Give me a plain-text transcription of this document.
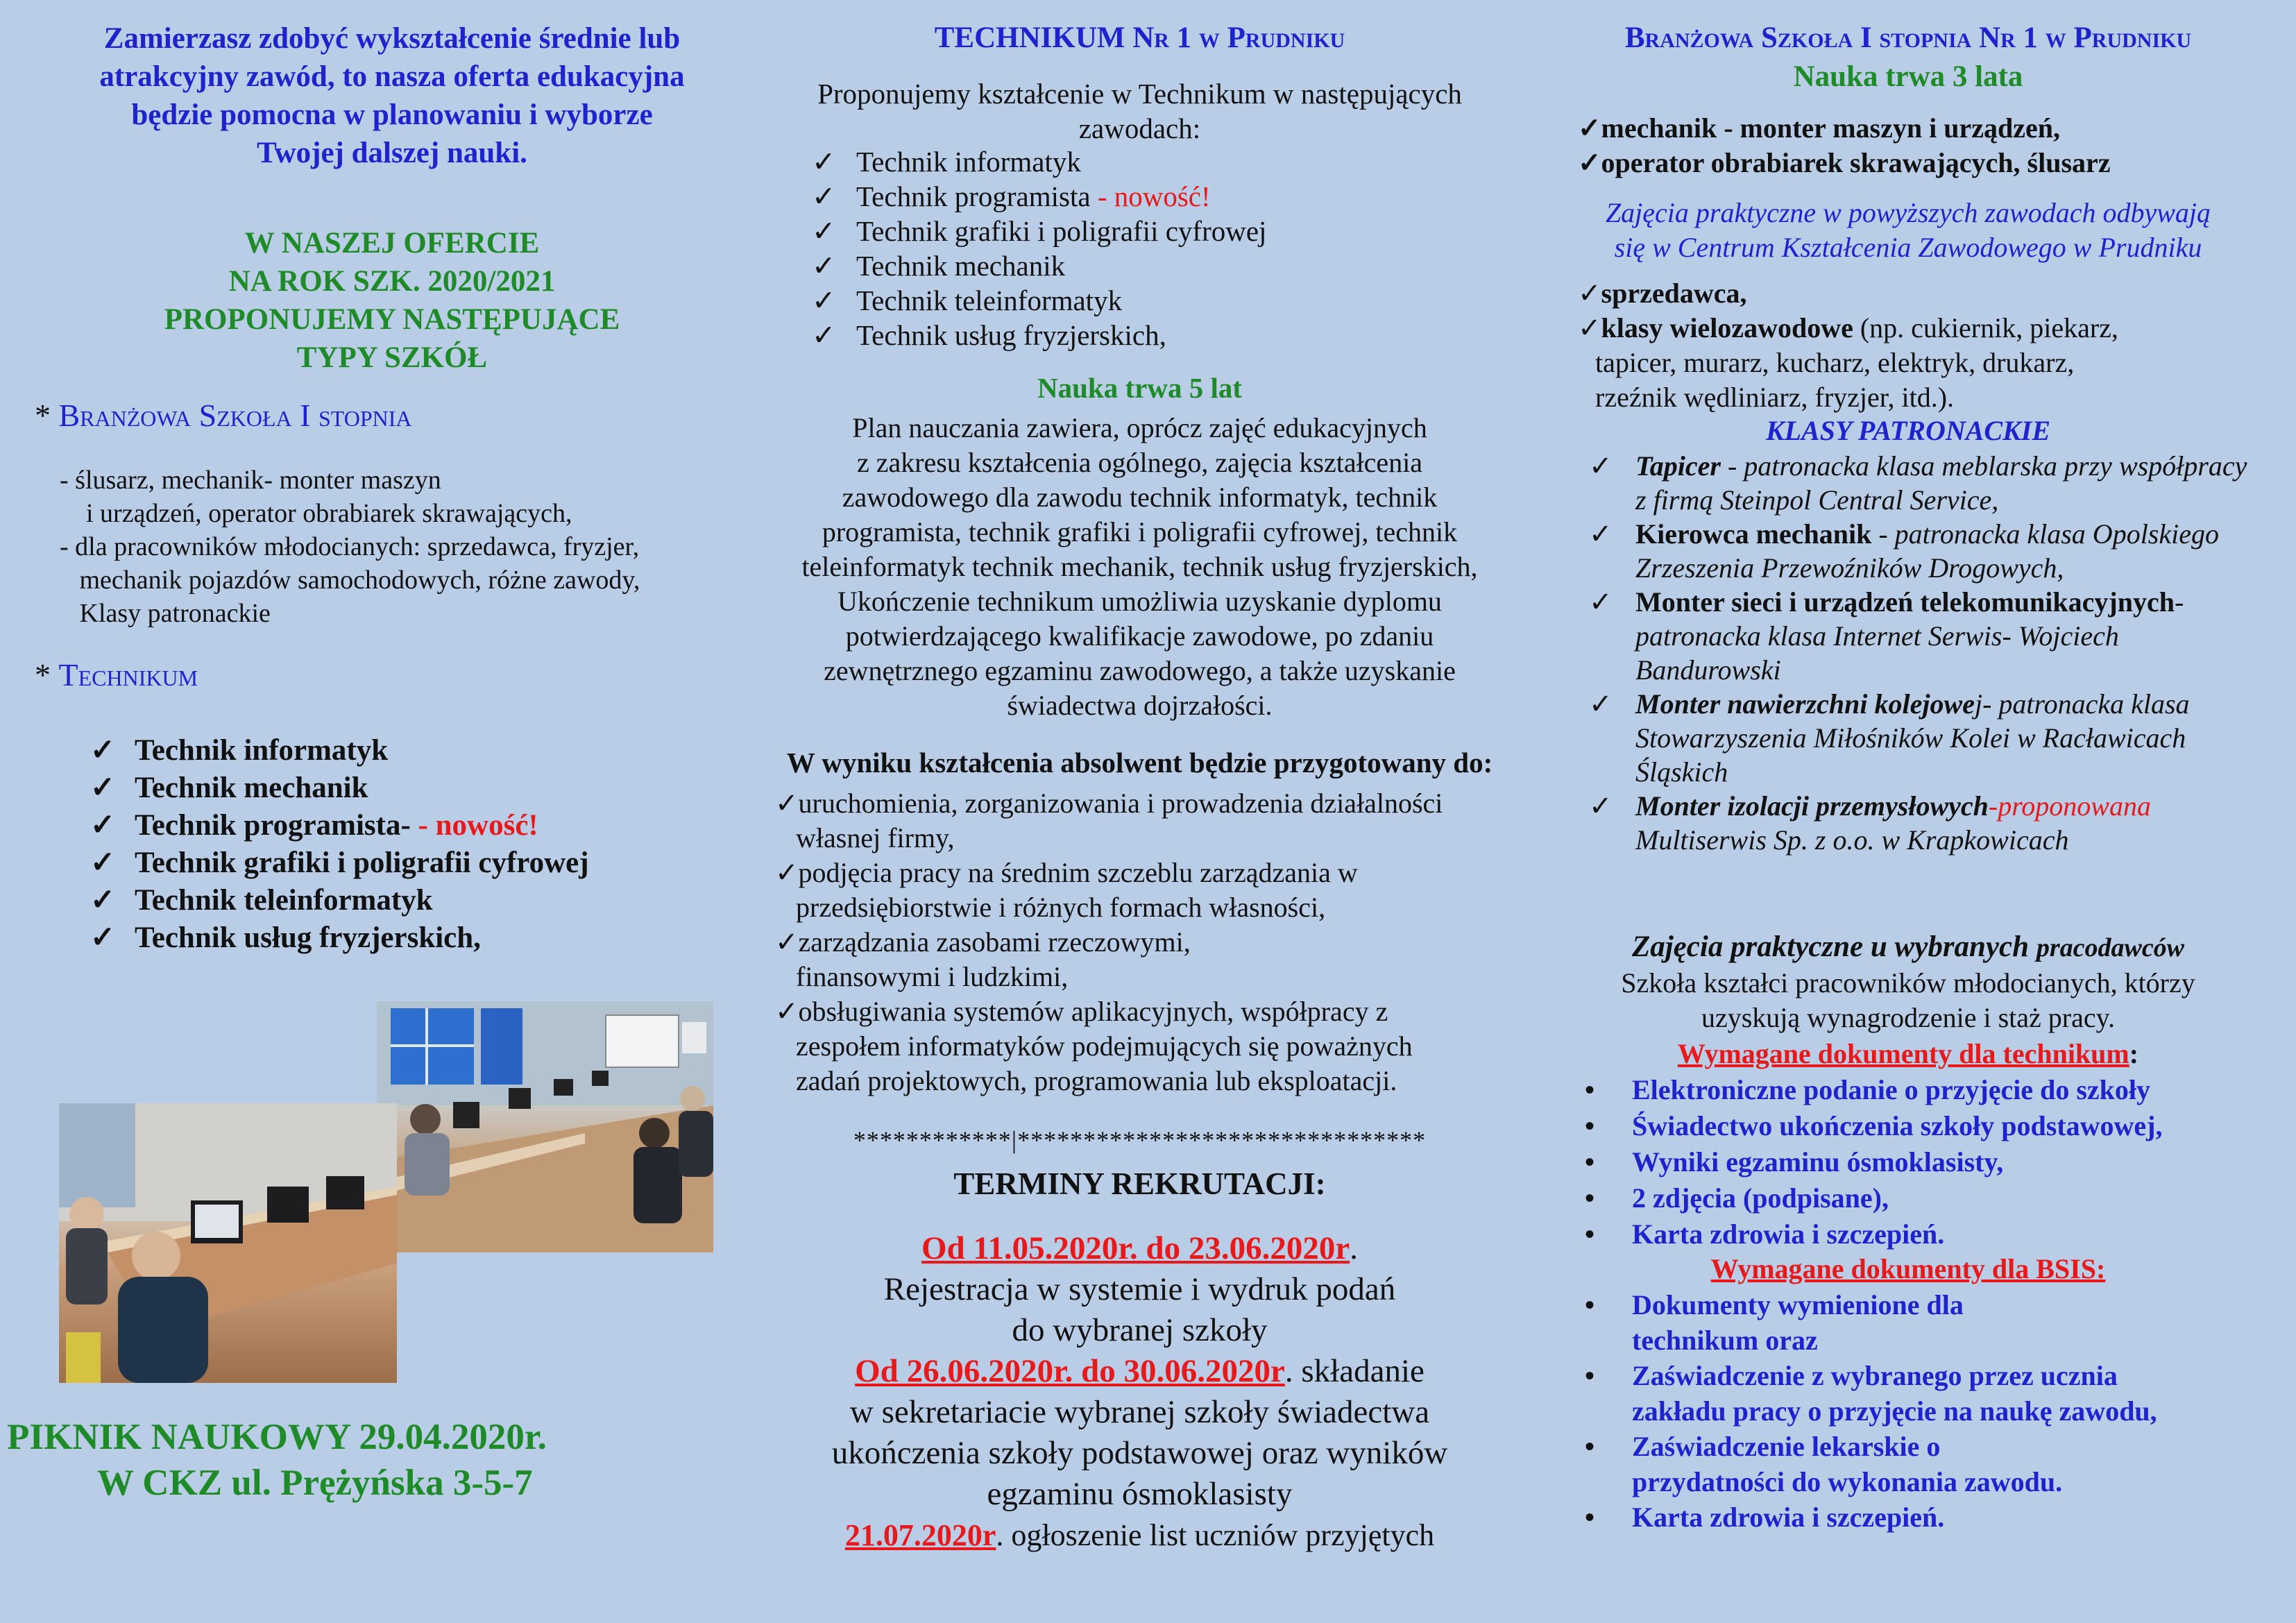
Zamierzasz zdobyć wykształcenie średnie lub
atrakcyjny zawód, to nasza oferta edukacyjna
będzie pomocna w planowaniu i wyborze
Twojej dalszej nauki.
W NASZEJ OFERCIE
NA ROK SZK. 2020/2021
PROPONUJEMY NASTĘPUJĄCE
TYPY SZKÓŁ
* Branżowa Szkoła I stopnia
- ślusarz, mechanik- monter maszyn
i urządzeń, operator obrabiarek skrawających,
- dla pracowników młodocianych: sprzedawca, fryzjer,
mechanik pojazdów samochodowych, różne zawody,
Klasy patronackie
* Technikum
✓ Technik informatyk
✓ Technik mechanik
✓ Technik programista- - nowość!
✓ Technik grafiki i poligrafii cyfrowej
✓ Technik teleinformatyk
✓ Technik usług fryzjerskich,
PIKNIK NAUKOWY 29.04.2020r.
W CKZ ul. Prężyńska 3-5-7
TECHNIKUM Nr 1 w Prudniku
Proponujemy kształcenie w Technikum w następujących
zawodach:
✓ Technik informatyk
✓ Technik programista - nowość!
✓ Technik grafiki i poligrafii cyfrowej
✓ Technik mechanik
✓ Technik teleinformatyk
✓ Technik usług fryzjerskich,
Nauka trwa 5 lat
Plan nauczania zawiera, oprócz zajęć edukacyjnych
z zakresu kształcenia ogólnego, zajęcia kształcenia
zawodowego dla zawodu technik informatyk, technik
programista, technik grafiki i poligrafii cyfrowej, technik
teleinformatyk technik mechanik, technik usług fryzjerskich,
Ukończenie technikum umożliwia uzyskanie dyplomu
potwierdzającego kwalifikacje zawodowe, po zdaniu
zewnętrznego egzaminu zawodowego, a także uzyskanie
świadectwa dojrzałości.
W wyniku kształcenia absolwent będzie przygotowany do:
✓uruchomienia, zorganizowania i prowadzenia działalności własnej firmy,
✓podjęcia pracy na średnim szczeblu zarządzania w przedsiębiorstwie i różnych formach własności,
✓zarządzania zasobami rzeczowymi, finansowymi i ludzkimi,
✓obsługiwania systemów aplikacyjnych, współpracy z zespołem informatyków podejmujących się poważnych zadań projektowych, programowania lub eksploatacji.
************|*******************************
TERMINY REKRUTACJI:
Od 11.05.2020r. do 23.06.2020r.
Rejestracja w systemie i wydruk podań
do wybranej szkoły
Od 26.06.2020r. do 30.06.2020r. składanie
w sekretariacie wybranej szkoły świadectwa
ukończenia szkoły podstawowej oraz wyników
egzaminu ósmoklasisty
21.07.2020r. ogłoszenie list uczniów przyjętych
Branżowa Szkoła I stopnia Nr 1 w Prudniku
Nauka trwa 3 lata
✓mechanik - monter maszyn i urządzeń,
✓operator obrabiarek skrawających, ślusarz
Zajęcia praktyczne w powyższych zawodach odbywają
się w Centrum Kształcenia Zawodowego w Prudniku
✓sprzedawca,
✓klasy wielozawodowe (np. cukiernik, piekarz,
tapicer, murarz, kucharz, elektryk, drukarz,
rzeźnik wędliniarz, fryzjer, itd.).
KLASY PATRONACKIE
✓ Tapicer - patronacka klasa meblarska przy współpracy z firmą Steinpol Central Service,
✓ Kierowca mechanik - patronacka klasa Opolskiego Zrzeszenia Przewoźników Drogowych,
✓ Monter sieci i urządzeń telekomunikacyjnych-patronacka klasa Internet Serwis- Wojciech Bandurowski
✓ Monter nawierzchni kolejowej- patronacka klasa Stowarzyszenia Miłośników Kolei w Racławicach Śląskich
✓ Monter izolacji przemysłowych-proponowana Multiserwis Sp. z o.o. w Krapkowicach
Zajęcia praktyczne u wybranych pracodawców
Szkoła kształci pracowników młodocianych, którzy
uzyskują wynagrodzenie i staż pracy.
Wymagane dokumenty dla technikum:
•	Elektroniczne podanie o przyjęcie do szkoły
•	Świadectwo ukończenia szkoły podstawowej,
•	Wyniki egzaminu ósmoklasisty,
•	2 zdjęcia (podpisane),
•	Karta zdrowia i szczepień.
Wymagane dokumenty dla BSIS:
•	Dokumenty wymienione dla technikum oraz
•	Zaświadczenie z wybranego przez ucznia zakładu pracy o przyjęcie na naukę zawodu,
•	Zaświadczenie lekarskie o przydatności do wykonania zawodu.
•	Karta zdrowia i szczepień.
